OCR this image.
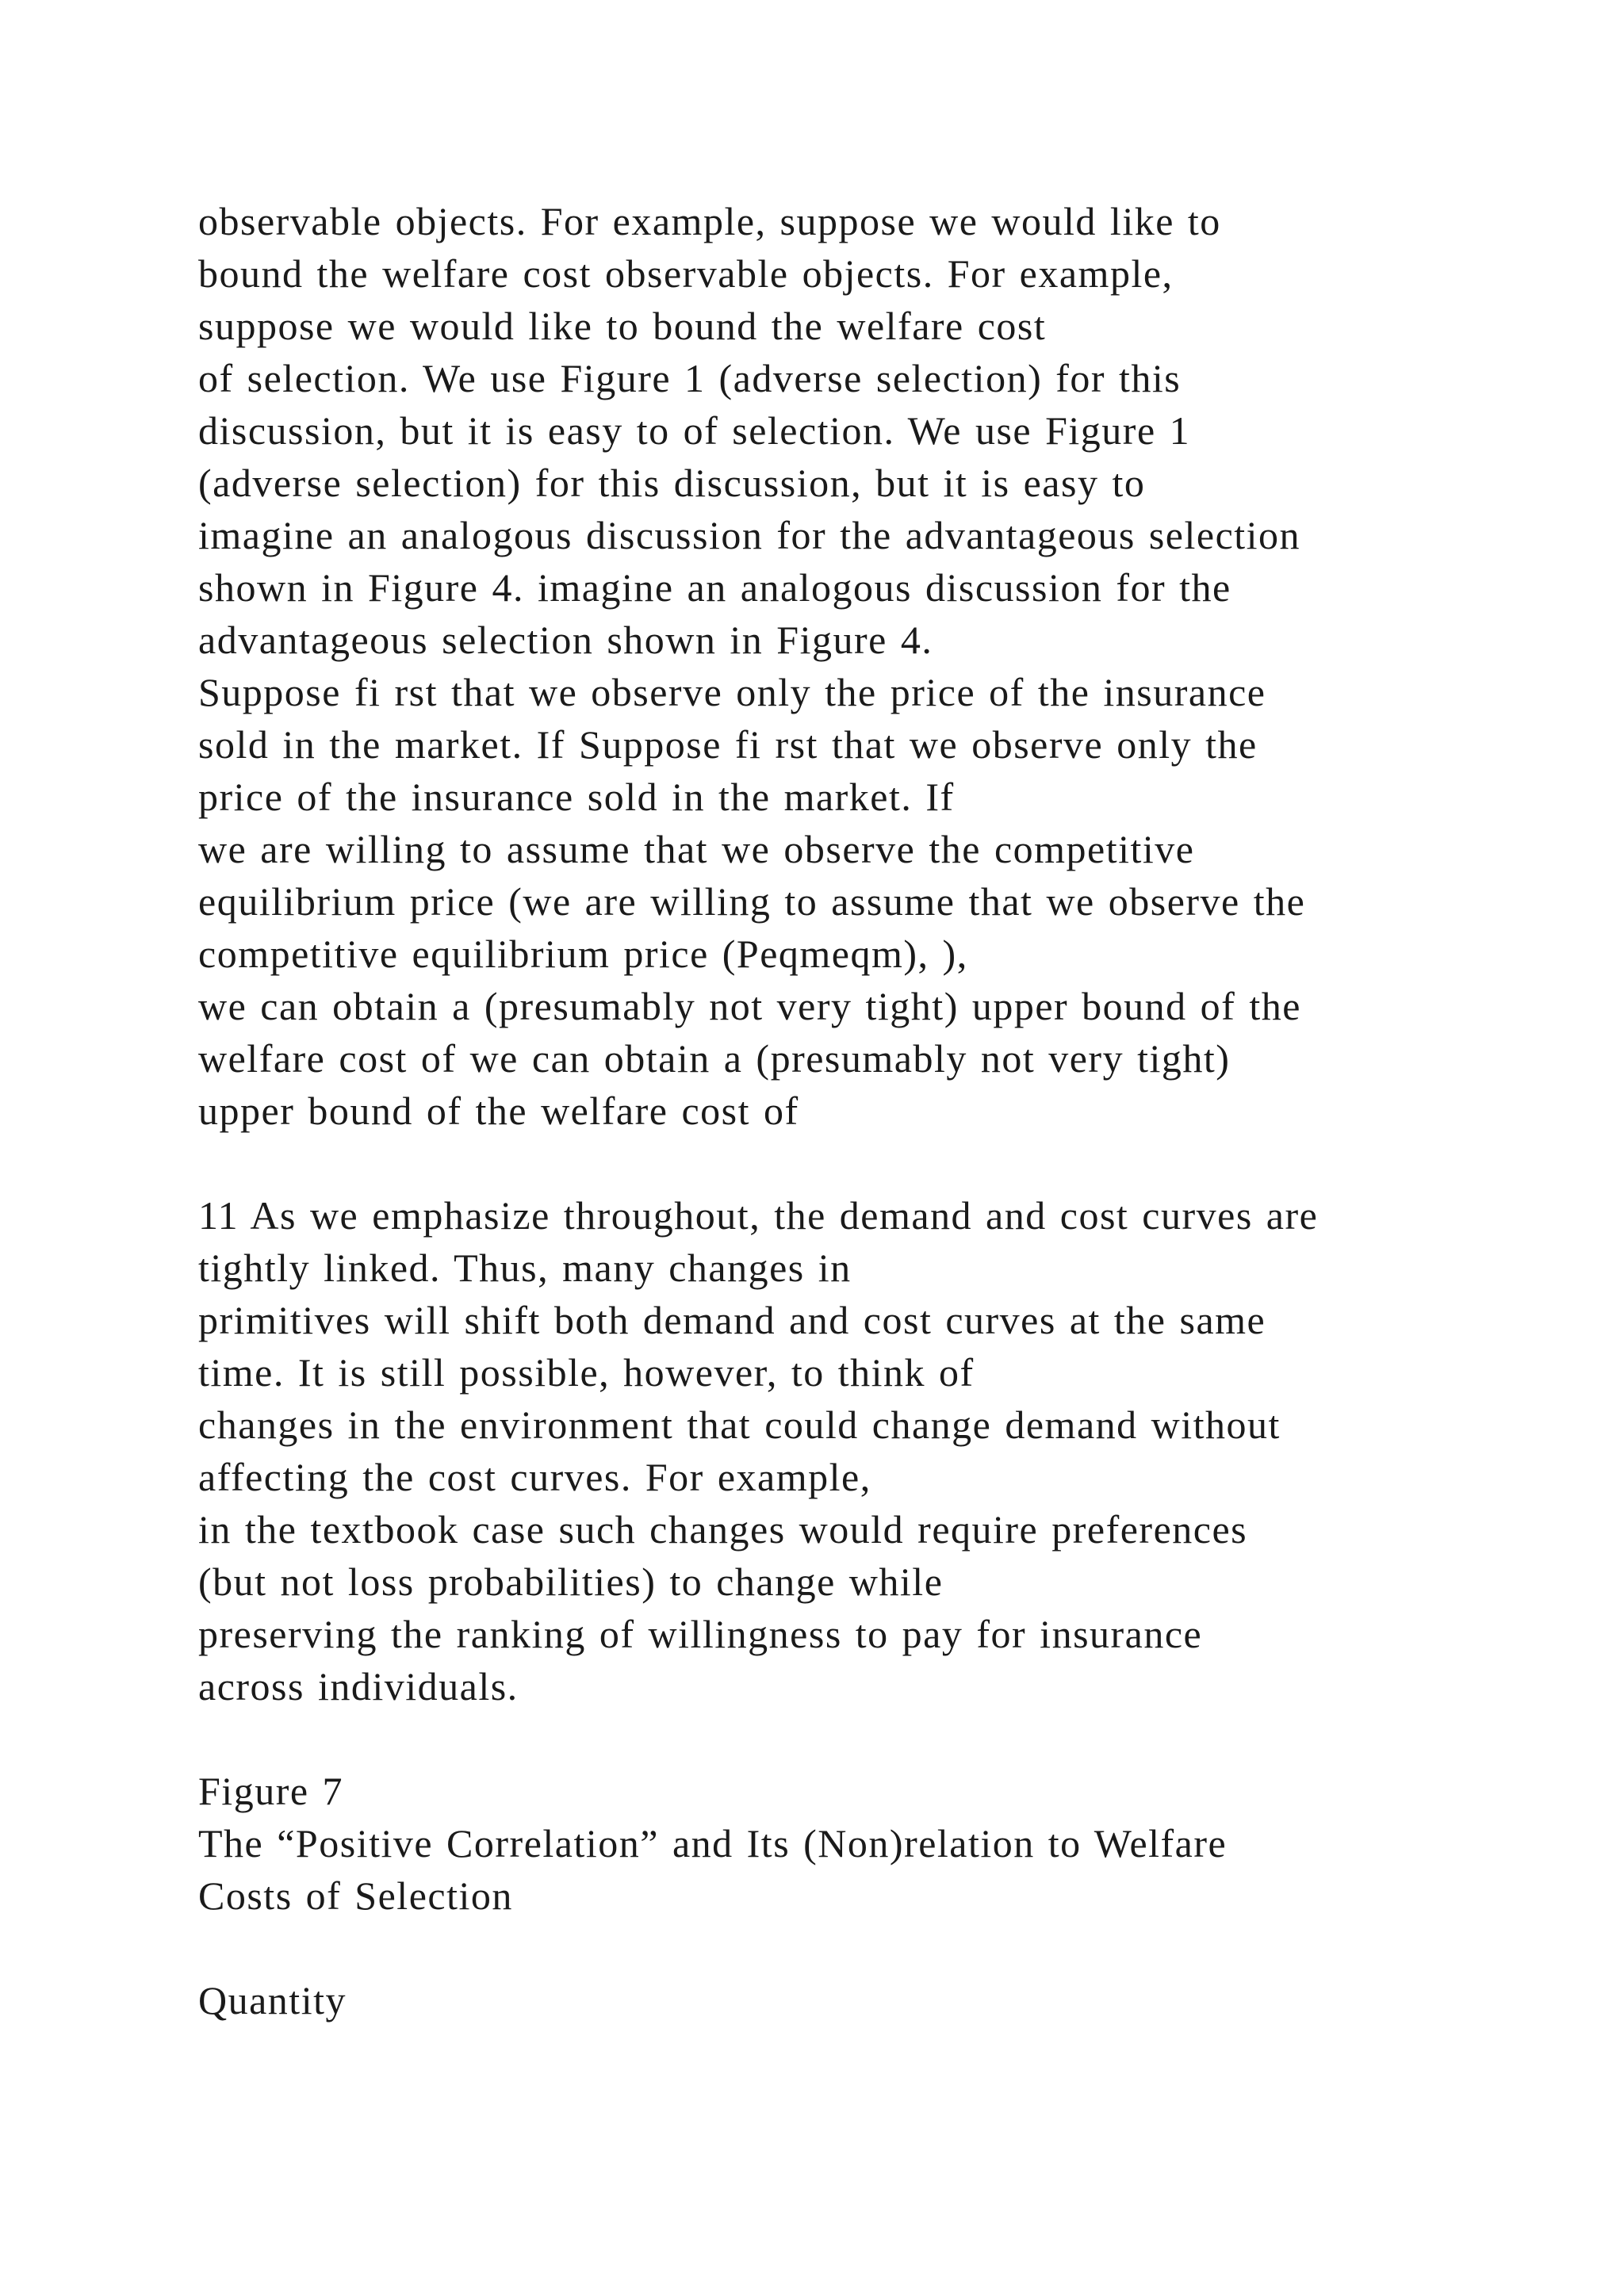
observable objects. For example, suppose we would like to
bound the welfare cost observable objects. For example,
suppose we would like to bound the welfare cost
of selection. We use Figure 1 (adverse selection) for this
discussion, but it is easy to of selection. We use Figure 1
(adverse selection) for this discussion, but it is easy to
imagine an analogous discussion for the advantageous selection
shown in Figure 4. imagine an analogous discussion for the
advantageous selection shown in Figure 4.
Suppose fi rst that we observe only the price of the insurance
sold in the market. If Suppose fi rst that we observe only the
price of the insurance sold in the market. If
we are willing to assume that we observe the competitive
equilibrium price (we are willing to assume that we observe the
competitive equilibrium price (Peqmeqm), ),
we can obtain a (presumably not very tight) upper bound of the
welfare cost of we can obtain a (presumably not very tight)
upper bound of the welfare cost of
11 As we emphasize throughout, the demand and cost curves are
tightly linked. Thus, many changes in
primitives will shift both demand and cost curves at the same
time. It is still possible, however, to think of
changes in the environment that could change demand without
affecting the cost curves. For example,
in the textbook case such changes would require preferences
(but not loss probabilities) to change while
preserving the ranking of willingness to pay for insurance
across individuals.
Figure 7
The “Positive Correlation” and Its (Non)relation to Welfare
Costs of Selection
Quantity
